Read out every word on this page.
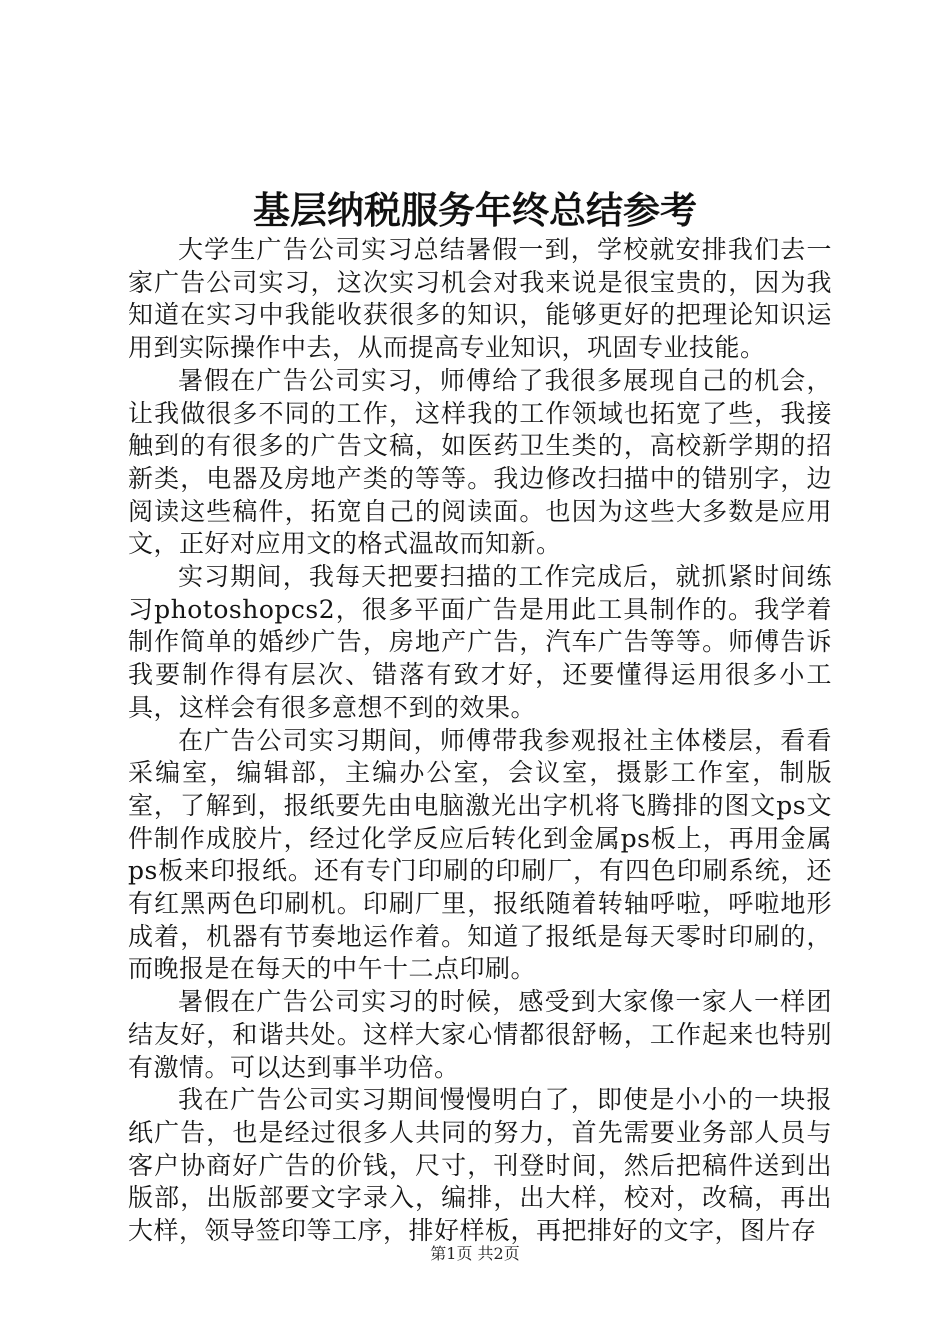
基层纳税服务年终总结参考

大学生广告公司实习总结暑假一到，学校就安排我们去一家广告公司实习，这次实习机会对我来说是很宝贵的，因为我知道在实习中我能收获很多的知识，能够更好的把理论知识运用到实际操作中去，从而提高专业知识，巩固专业技能。

暑假在广告公司实习，师傅给了我很多展现自己的机会，让我做很多不同的工作，这样我的工作领域也拓宽了些，我接触到的有很多的广告文稿，如医药卫生类的，高校新学期的招新类，电器及房地产类的等等。我边修改扫描中的错别字，边阅读这些稿件，拓宽自己的阅读面。也因为这些大多数是应用文，正好对应用文的格式温故而知新。

实习期间，我每天把要扫描的工作完成后，就抓紧时间练习photoshopcs2，很多平面广告是用此工具制作的。我学着制作简单的婚纱广告，房地产广告，汽车广告等等。师傅告诉我要制作得有层次、错落有致才好，还要懂得运用很多小工具，这样会有很多意想不到的效果。

在广告公司实习期间，师傅带我参观报社主体楼层，看看采编室，编辑部，主编办公室，会议室，摄影工作室，制版室，了解到，报纸要先由电脑激光出字机将飞腾排的图文ps文件制作成胶片，经过化学反应后转化到金属ps板上，再用金属ps板来印报纸。还有专门印刷的印刷厂，有四色印刷系统，还有红黑两色印刷机。印刷厂里，报纸随着转轴呼啦，呼啦地形成着，机器有节奏地运作着。知道了报纸是每天零时印刷的，而晚报是在每天的中午十二点印刷。

暑假在广告公司实习的时候，感受到大家像一家人一样团结友好，和谐共处。这样大家心情都很舒畅，工作起来也特别有激情。可以达到事半功倍。

我在广告公司实习期间慢慢明白了，即使是小小的一块报纸广告，也是经过很多人共同的努力，首先需要业务部人员与客户协商好广告的价钱，尺寸，刊登时间，然后把稿件送到出版部，出版部要文字录入，编排，出大样，校对，改稿，再出大样，领导签印等工序，排好样板，再把排好的文字，图片存

第1页 共2页
